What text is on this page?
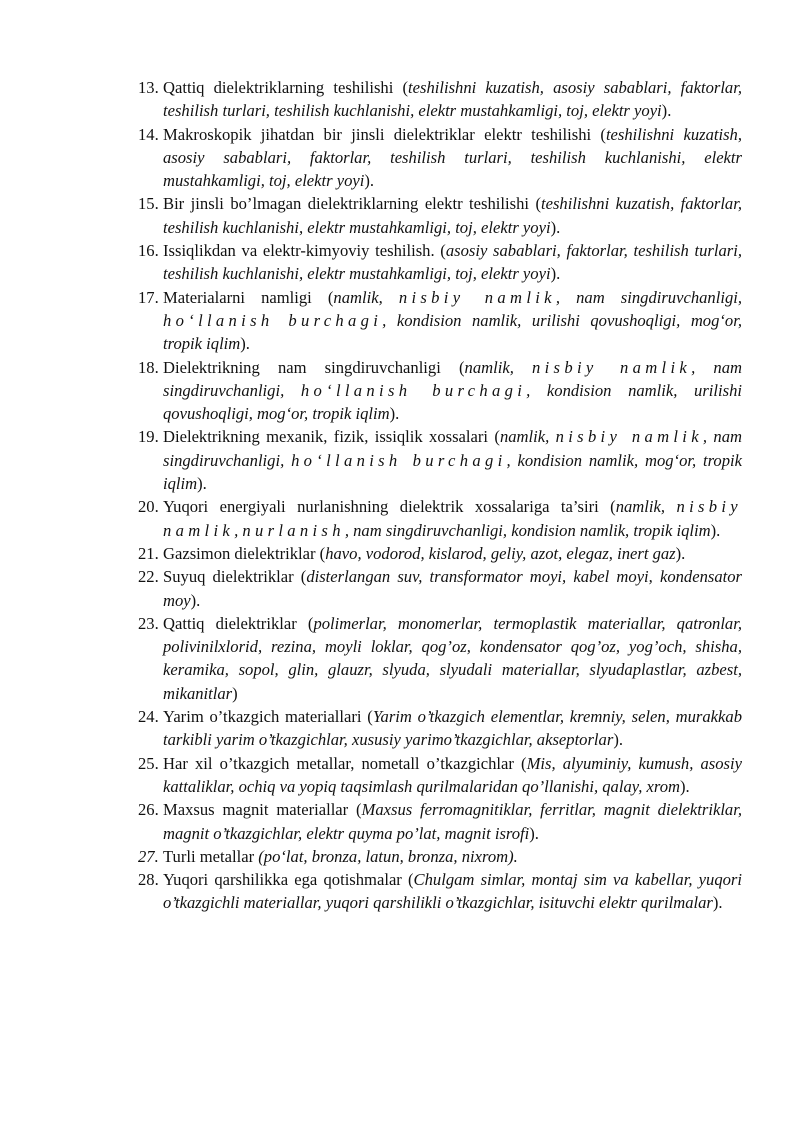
13. Qattiq dielektriklarning teshilishi (teshilishni kuzatish, asosiy sabablari, faktorlar, teshilish turlari, teshilish kuchlanishi, elektr mustahkamligi, toj, elektr yoyi).
14. Makroskopik jihatdan bir jinsli dielektriklar elektr teshilishi (teshilishni kuzatish, asosiy sabablari, faktorlar, teshilish turlari, teshilish kuchlanishi, elektr mustahkamligi, toj, elektr yoyi).
15. Bir jinsli bo’lmagan dielektriklarning elektr teshilishi (teshilishni kuzatish, faktorlar, teshilish kuchlanishi, elektr mustahkamligi, toj, elektr yoyi).
16. Issiqlikdan va elektr-kimyoviy teshilish. (asosiy sabablari, faktorlar, teshilish turlari, teshilish kuchlanishi, elektr mustahkamligi, toj, elektr yoyi).
17. Materialarni namligi (namlik, nisbiy namlik, nam singdiruvchanligi, ho‘llanish burchagi, kondision namlik, urilishi qovushoqligi, mog‘or, tropik iqlim).
18. Dielektrikning nam singdiruvchanligi (namlik, nisbiy namlik, nam singdiruvchanligi, ho‘llanish burchagi, kondision namlik, urilishi qovushoqligi, mog‘or, tropik iqlim).
19. Dielektrikning mexanik, fizik, issiqlik xossalari (namlik, nisbiy namlik, nam singdiruvchanligi, ho‘llanish burchagi, kondision namlik, mog‘or, tropik iqlim).
20. Yuqori energiyali nurlanishning dielektrik xossalariga ta’siri (namlik, nisbiy namlik, nurlanish, nam singdiruvchanligi, kondision namlik, tropik iqlim).
21. Gazsimon dielektriklar (havo, vodorod, kislarod, geliy, azot, elegaz, inert gaz).
22. Suyuq dielektriklar (disterlangan suv, transformator moyi, kabel moyi, kondensator moy).
23. Qattiq dielektriklar (polimerlar, monomerlar, termoplastik materiallar, qatronlar, polivinilxlorid, rezina, moyli loklar, qog’oz, kondensator qog’oz, yog’och, shisha, keramika, sopol, glin, glauzr, slyuda, slyudali materiallar, slyudaplastlar, azbest, mikanitlar)
24. Yarim o’tkazgich materiallari (Yarim o’tkazgich elementlar, kremniy, selen, murakkab tarkibli yarim o’tkazgichlar, xususiy yarimo’tkazgichlar, akseptorlar).
25. Har xil o’tkazgich metallar, nometall o’tkazgichlar (Mis, alyuminiy, kumush, asosiy kattaliklar, ochiq va yopiq taqsimlash qurilmalaridan qo’llanishi, qalay, xrom).
26. Maxsus magnit materiallar (Maxsus ferromagnitiklar, ferritlar, magnit dielektriklar, magnit o’tkazgichlar, elektr quyma po’lat, magnit isrofi).
27. Turli metallar (po‘lat, bronza, latun, bronza, nixrom).
28. Yuqori qarshilikka ega qotishmalar (Chulgam simlar, montaj sim va kabellar, yuqori o’tkazgichli materiallar, yuqori qarshilikli o’tkazgichlar, isituvchi elektr qurilmalar).
